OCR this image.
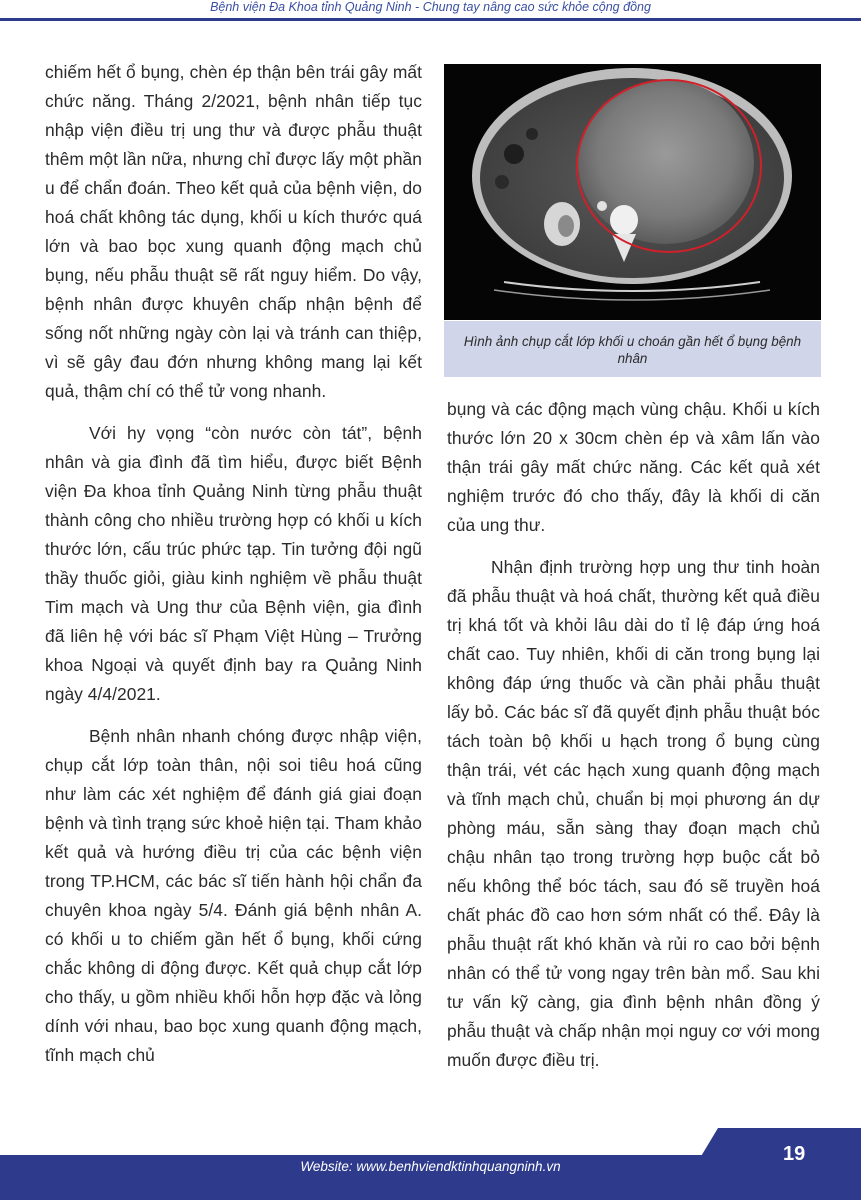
Bệnh viện Đa Khoa tỉnh Quảng Ninh - Chung tay nâng cao sức khỏe cộng đồng

chiếm hết ổ bụng, chèn ép thận bên trái gây mất chức năng. Tháng 2/2021, bệnh nhân tiếp tục nhập viện điều trị ung thư và được phẫu thuật thêm một lần nữa, nhưng chỉ được lấy một phần u để chẩn đoán. Theo kết quả của bệnh viện, do hoá chất không tác dụng, khối u kích thước quá lớn và bao bọc xung quanh động mạch chủ bụng, nếu phẫu thuật sẽ rất nguy hiểm. Do vậy, bệnh nhân được khuyên chấp nhận bệnh để sống nốt những ngày còn lại và tránh can thiệp, vì sẽ gây đau đớn nhưng không mang lại kết quả, thậm chí có thể tử vong nhanh.

Với hy vọng “còn nước còn tát”, bệnh nhân và gia đình đã tìm hiểu, được biết Bệnh viện Đa khoa tỉnh Quảng Ninh từng phẫu thuật thành công cho nhiều trường hợp có khối u kích thước lớn, cấu trúc phức tạp. Tin tưởng đội ngũ thầy thuốc giỏi, giàu kinh nghiệm về phẫu thuật Tim mạch và Ung thư của Bệnh viện, gia đình đã liên hệ với bác sĩ Phạm Việt Hùng – Trưởng khoa Ngoại và quyết định bay ra Quảng Ninh ngày 4/4/2021.

Bệnh nhân nhanh chóng được nhập viện, chụp cắt lớp toàn thân, nội soi tiêu hoá cũng như làm các xét nghiệm để đánh giá giai đoạn bệnh và tình trạng sức khoẻ hiện tại. Tham khảo kết quả và hướng điều trị của các bệnh viện trong TP.HCM, các bác sĩ tiến hành hội chẩn đa chuyên khoa ngày 5/4. Đánh giá bệnh nhân A. có khối u to chiếm gần hết ổ bụng, khối cứng chắc không di động được. Kết quả chụp cắt lớp cho thấy, u gồm nhiều khối hỗn hợp đặc và lỏng dính với nhau, bao bọc xung quanh động mạch, tĩnh mạch chủ

Hình ảnh chụp cắt lớp khối u choán gần hết ổ bụng bệnh nhân

bụng và các động mạch vùng chậu. Khối u kích thước lớn 20 x 30cm chèn ép và xâm lấn vào thận trái gây mất chức năng. Các kết quả xét nghiệm trước đó cho thấy, đây là khối di căn của ung thư.

Nhận định trường hợp ung thư tinh hoàn đã phẫu thuật và hoá chất, thường kết quả điều trị khá tốt và khỏi lâu dài do tỉ lệ đáp ứng hoá chất cao. Tuy nhiên, khối di căn trong bụng lại không đáp ứng thuốc và cần phải phẫu thuật lấy bỏ. Các bác sĩ đã quyết định phẫu thuật bóc tách toàn bộ khối u hạch trong ổ bụng cùng thận trái, vét các hạch xung quanh động mạch và tĩnh mạch chủ, chuẩn bị mọi phương án dự phòng máu, sẵn sàng thay đoạn mạch chủ chậu nhân tạo trong trường hợp buộc cắt bỏ nếu không thể bóc tách, sau đó sẽ truyền hoá chất phác đồ cao hơn sớm nhất có thể. Đây là phẫu thuật rất khó khăn và rủi ro cao bởi bệnh nhân có thể tử vong ngay trên bàn mổ. Sau khi tư vấn kỹ càng, gia đình bệnh nhân đồng ý phẫu thuật và chấp nhận mọi nguy cơ với mong muốn được điều trị.

Website: www.benhviendktinhquangninh.vn
19
